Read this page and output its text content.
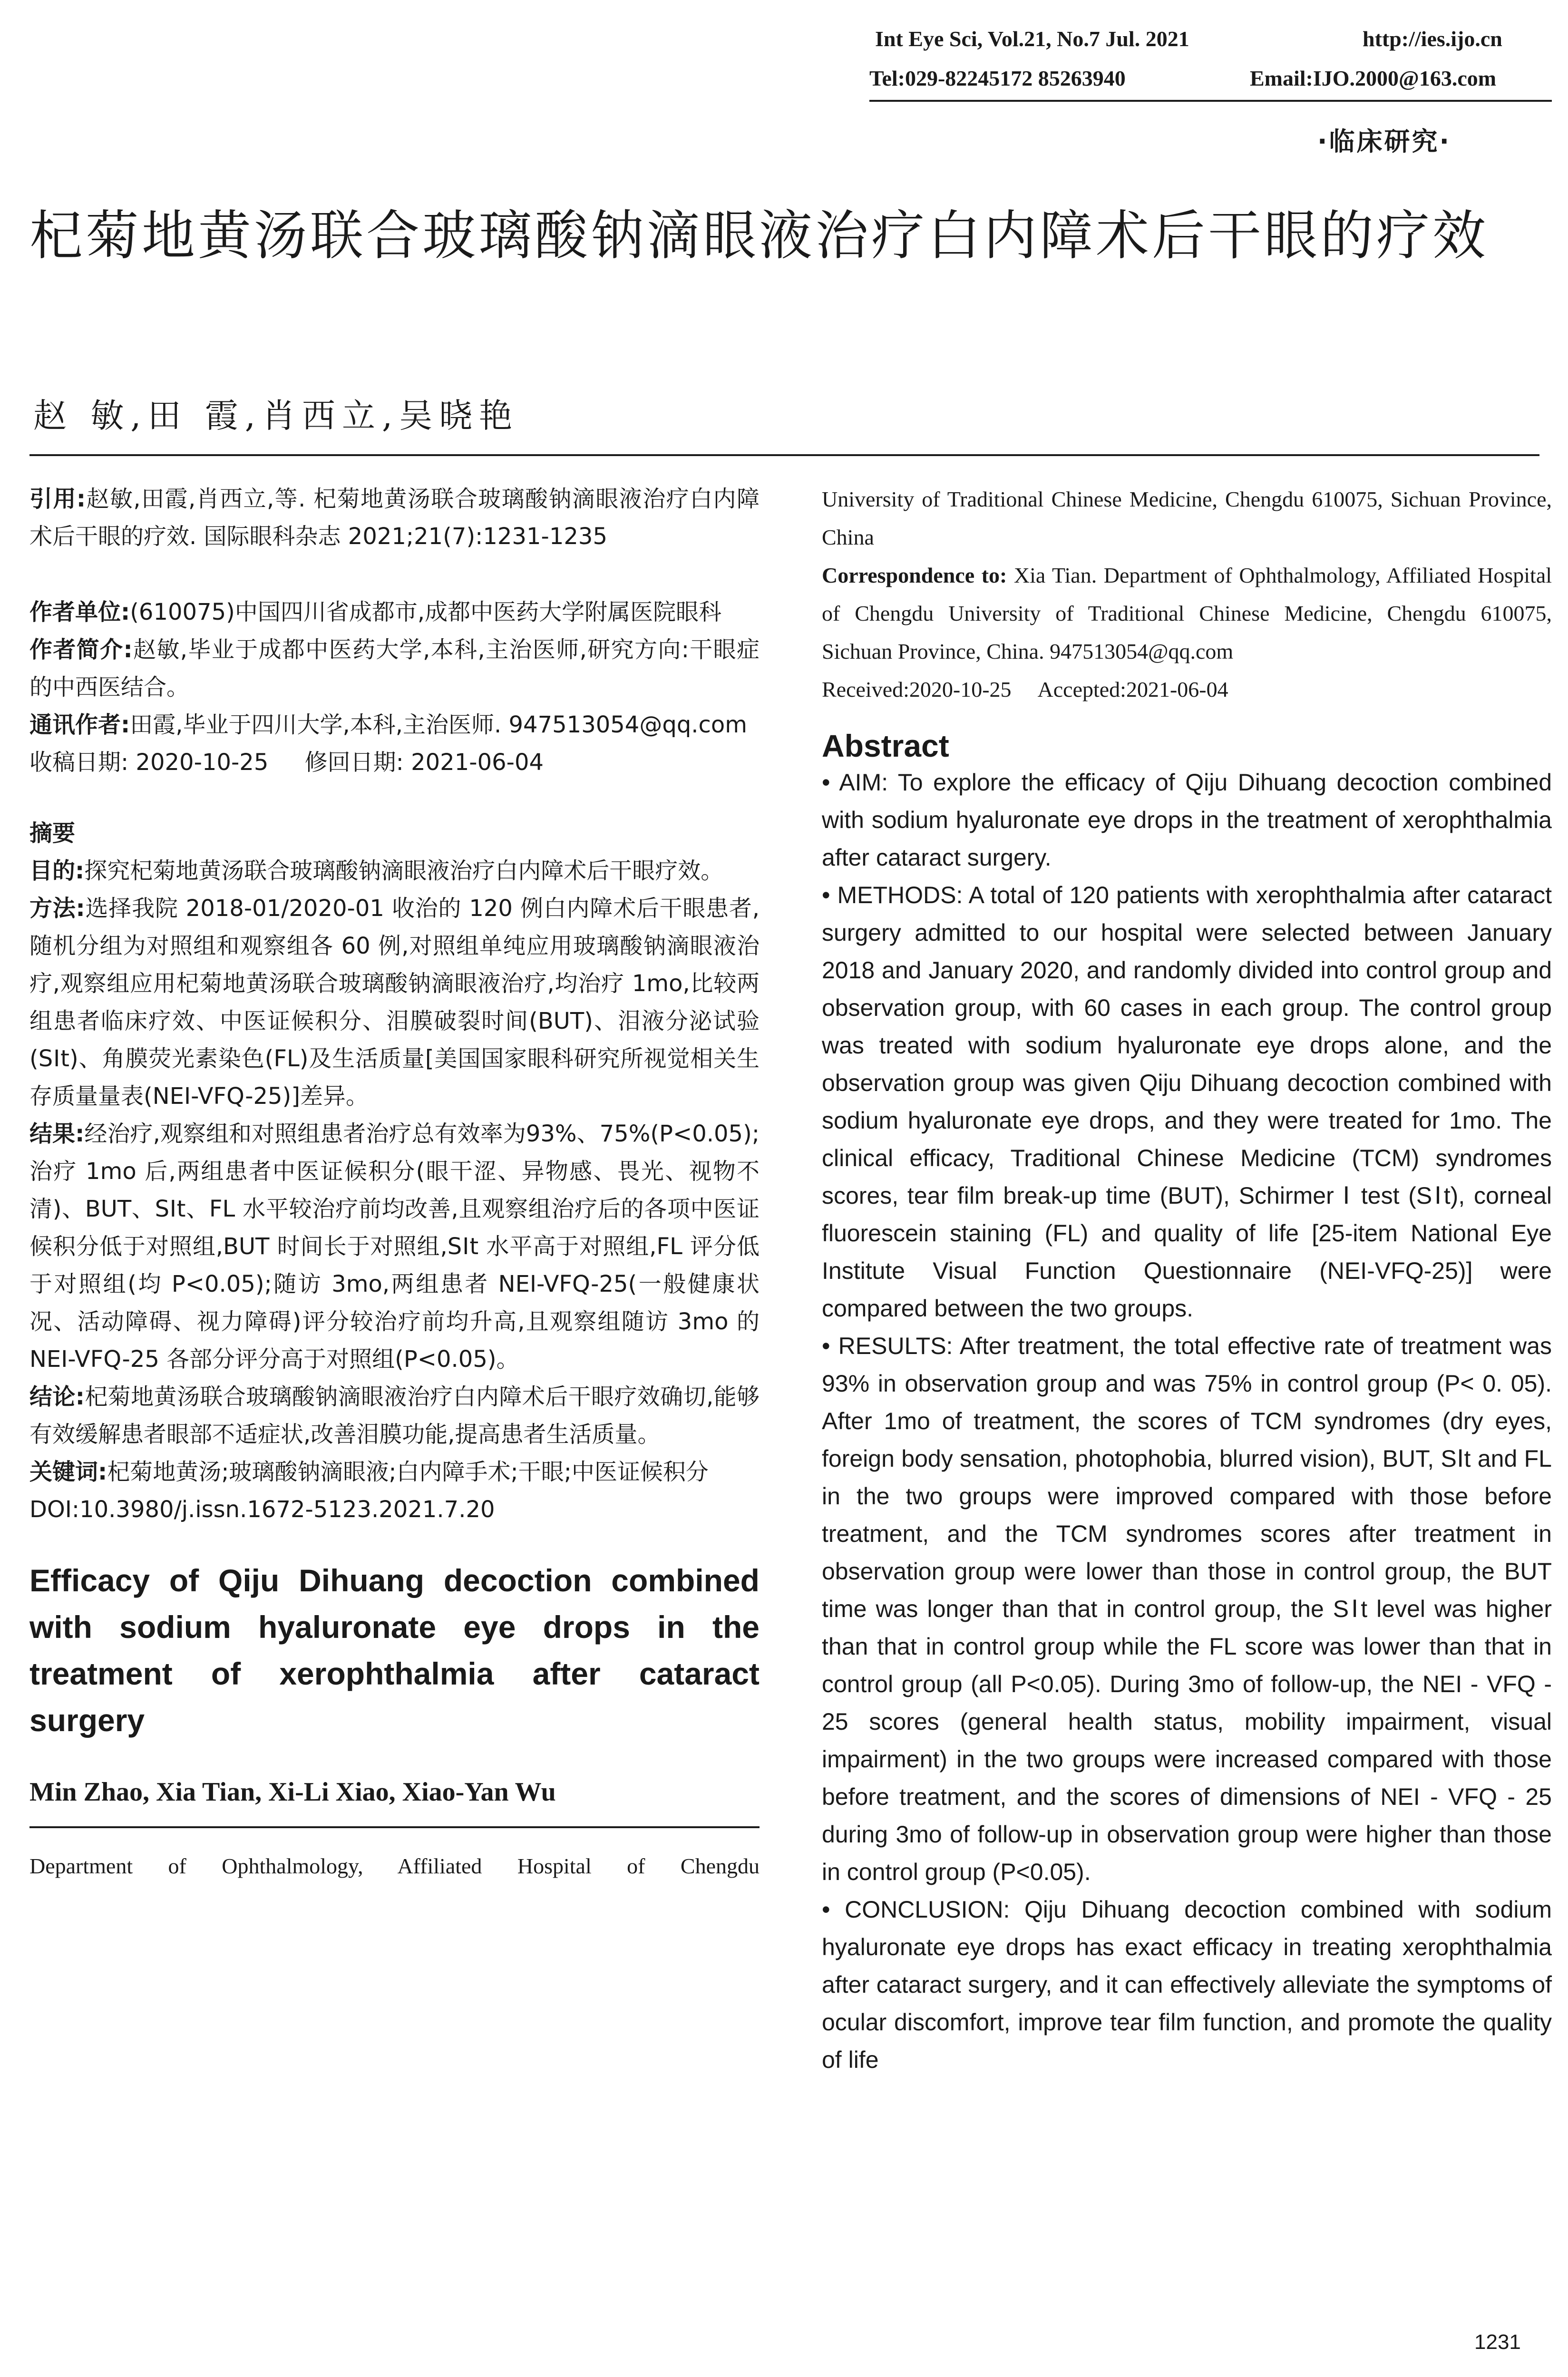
Int Eye Sci, Vol.21, No.7 Jul. 2021	http://ies.ijo.cn
Tel:029-82245172 85263940	Email:IJO.2000@163.com
·临床研究·
杞菊地黄汤联合玻璃酸钠滴眼液治疗白内障术后干眼的疗效
赵 敏,田 霞,肖西立,吴晓艳

引用:赵敏,田霞,肖西立,等. 杞菊地黄汤联合玻璃酸钠滴眼液治疗白内障术后干眼的疗效. 国际眼科杂志 2021;21(7):1231-1235

作者单位:(610075)中国四川省成都市,成都中医药大学附属医院眼科

作者简介:赵敏,毕业于成都中医药大学,本科,主治医师,研究方向:干眼症的中西医结合。

通讯作者:田霞,毕业于四川大学,本科,主治医师. 947513054@qq.com

收稿日期: 2020-10-25     修回日期: 2021-06-04

摘要

目的:探究杞菊地黄汤联合玻璃酸钠滴眼液治疗白内障术后干眼疗效。

方法:选择我院 2018-01/2020-01 收治的 120 例白内障术后干眼患者,随机分组为对照组和观察组各 60 例,对照组单纯应用玻璃酸钠滴眼液治疗,观察组应用杞菊地黄汤联合玻璃酸钠滴眼液治疗,均治疗 1mo,比较两组患者临床疗效、中医证候积分、泪膜破裂时间(BUT)、泪液分泌试验(SⅠt)、角膜荧光素染色(FL)及生活质量[美国国家眼科研究所视觉相关生存质量量表(NEI-VFQ-25)]差异。

结果:经治疗,观察组和对照组患者治疗总有效率为93%、75%(P<0.05);治疗 1mo 后,两组患者中医证候积分(眼干涩、异物感、畏光、视物不清)、BUT、SⅠt、FL 水平较治疗前均改善,且观察组治疗后的各项中医证候积分低于对照组,BUT 时间长于对照组,SⅠt 水平高于对照组,FL 评分低于对照组(均 P<0.05);随访 3mo,两组患者 NEI-VFQ-25(一般健康状况、活动障碍、视力障碍)评分较治疗前均升高,且观察组随访 3mo 的 NEI-VFQ-25 各部分评分高于对照组(P<0.05)。

结论:杞菊地黄汤联合玻璃酸钠滴眼液治疗白内障术后干眼疗效确切,能够有效缓解患者眼部不适症状,改善泪膜功能,提高患者生活质量。

关键词:杞菊地黄汤;玻璃酸钠滴眼液;白内障手术;干眼;中医证候积分

DOI:10.3980/j.issn.1672-5123.2021.7.20

Efficacy of Qiju Dihuang decoction combined with sodium hyaluronate eye drops in the treatment of xerophthalmia after cataract surgery

Min Zhao, Xia Tian, Xi-Li Xiao, Xiao-Yan Wu

Department of Ophthalmology, Affiliated Hospital of Chengdu

University of Traditional Chinese Medicine, Chengdu 610075, Sichuan Province, China

Correspondence to: Xia Tian. Department of Ophthalmology, Affiliated Hospital of Chengdu University of Traditional Chinese Medicine, Chengdu 610075, Sichuan Province, China. 947513054@qq.com

Received:2020-10-25     Accepted:2021-06-04

Abstract

• AIM: To explore the efficacy of Qiju Dihuang decoction combined with sodium hyaluronate eye drops in the treatment of xerophthalmia after cataract surgery.

• METHODS: A total of 120 patients with xerophthalmia after cataract surgery admitted to our hospital were selected between January 2018 and January 2020, and randomly divided into control group and observation group, with 60 cases in each group. The control group was treated with sodium hyaluronate eye drops alone, and the observation group was given Qiju Dihuang decoction combined with sodium hyaluronate eye drops, and they were treated for 1mo. The clinical efficacy, Traditional Chinese Medicine (TCM) syndromes scores, tear film break-up time (BUT), Schirmer Ⅰ test (SⅠt), corneal fluorescein staining (FL) and quality of life [25-item National Eye Institute Visual Function Questionnaire (NEI-VFQ-25)] were compared between the two groups.

• RESULTS: After treatment, the total effective rate of treatment was 93% in observation group and was 75% in control group (P< 0. 05). After 1mo of treatment, the scores of TCM syndromes (dry eyes, foreign body sensation, photophobia, blurred vision), BUT, SⅠt and FL in the two groups were improved compared with those before treatment, and the TCM syndromes scores after treatment in observation group were lower than those in control group, the BUT time was longer than that in control group, the SⅠt level was higher than that in control group while the FL score was lower than that in control group (all P<0.05). During 3mo of follow-up, the NEI - VFQ - 25 scores (general health status, mobility impairment, visual impairment) in the two groups were increased compared with those before treatment, and the scores of dimensions of NEI - VFQ - 25 during 3mo of follow-up in observation group were higher than those in control group (P<0.05).

• CONCLUSION: Qiju Dihuang decoction combined with sodium hyaluronate eye drops has exact efficacy in treating xerophthalmia after cataract surgery, and it can effectively alleviate the symptoms of ocular discomfort, improve tear film function, and promote the quality of life

1231
